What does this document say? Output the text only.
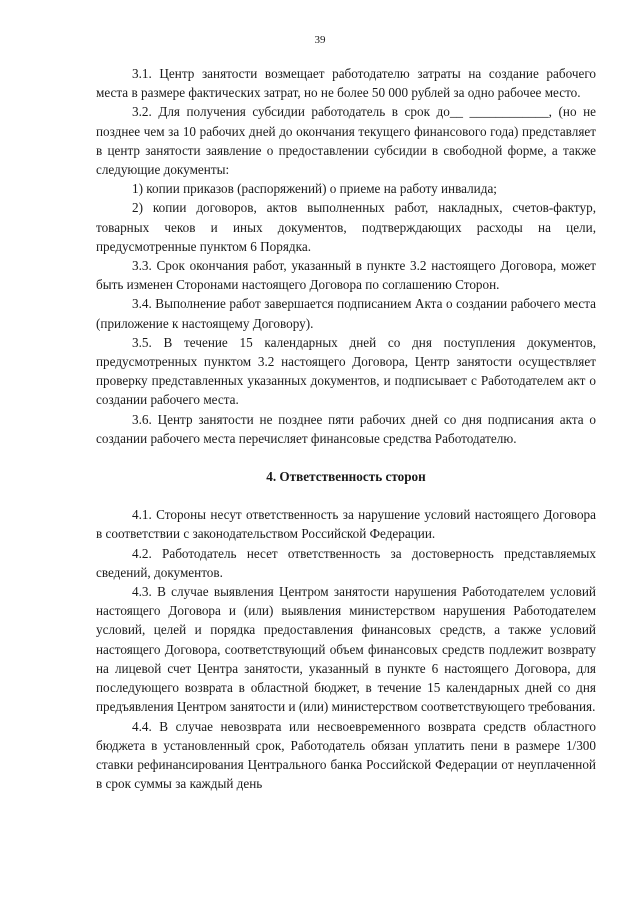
39

3.1. Центр занятости возмещает работодателю затраты на создание рабочего места в размере фактических затрат, но не более 50 000 рублей за одно рабочее место.

3.2. Для получения субсидии работодатель в срок до__ ____________, (но не позднее чем за 10 рабочих дней до окончания текущего финансового года) представляет в центр занятости заявление о предоставлении субсидии в свободной форме, а также следующие документы:

1) копии приказов (распоряжений) о приеме на работу инвалида;

2) копии договоров, актов выполненных работ, накладных, счетов-фактур, товарных чеков и иных документов, подтверждающих расходы на цели, предусмотренные пунктом 6 Порядка.

3.3. Срок окончания работ, указанный в пункте 3.2 настоящего Договора, может быть изменен Сторонами настоящего Договора по соглашению Сторон.

3.4. Выполнение работ завершается подписанием Акта о создании рабочего места (приложение к настоящему Договору).

3.5. В течение 15 календарных дней со дня поступления документов, предусмотренных пунктом 3.2 настоящего Договора, Центр занятости осуществляет проверку представленных указанных документов, и подписывает с Работодателем акт о создании рабочего места.

3.6. Центр занятости не позднее пяти рабочих дней со дня подписания акта о создании рабочего места перечисляет финансовые средства Работодателю.

4. Ответственность сторон

4.1. Стороны несут ответственность за нарушение условий настоящего Договора в соответствии с законодательством Российской Федерации.

4.2. Работодатель несет ответственность за достоверность представляемых сведений, документов.

4.3. В случае выявления Центром занятости нарушения Работодателем условий настоящего Договора и (или) выявления министерством нарушения Работодателем условий, целей и порядка предоставления финансовых средств, а также условий настоящего Договора, соответствующий объем финансовых средств подлежит возврату на лицевой счет Центра занятости, указанный в пункте 6 настоящего Договора, для последующего возврата в областной бюджет, в течение 15 календарных дней со дня предъявления Центром занятости и (или) министерством соответствующего требования.

4.4. В случае невозврата или несвоевременного возврата средств областного бюджета в установленный срок, Работодатель обязан уплатить пени в размере 1/300 ставки рефинансирования Центрального банка Российской Федерации от неуплаченной в срок суммы за каждый день
